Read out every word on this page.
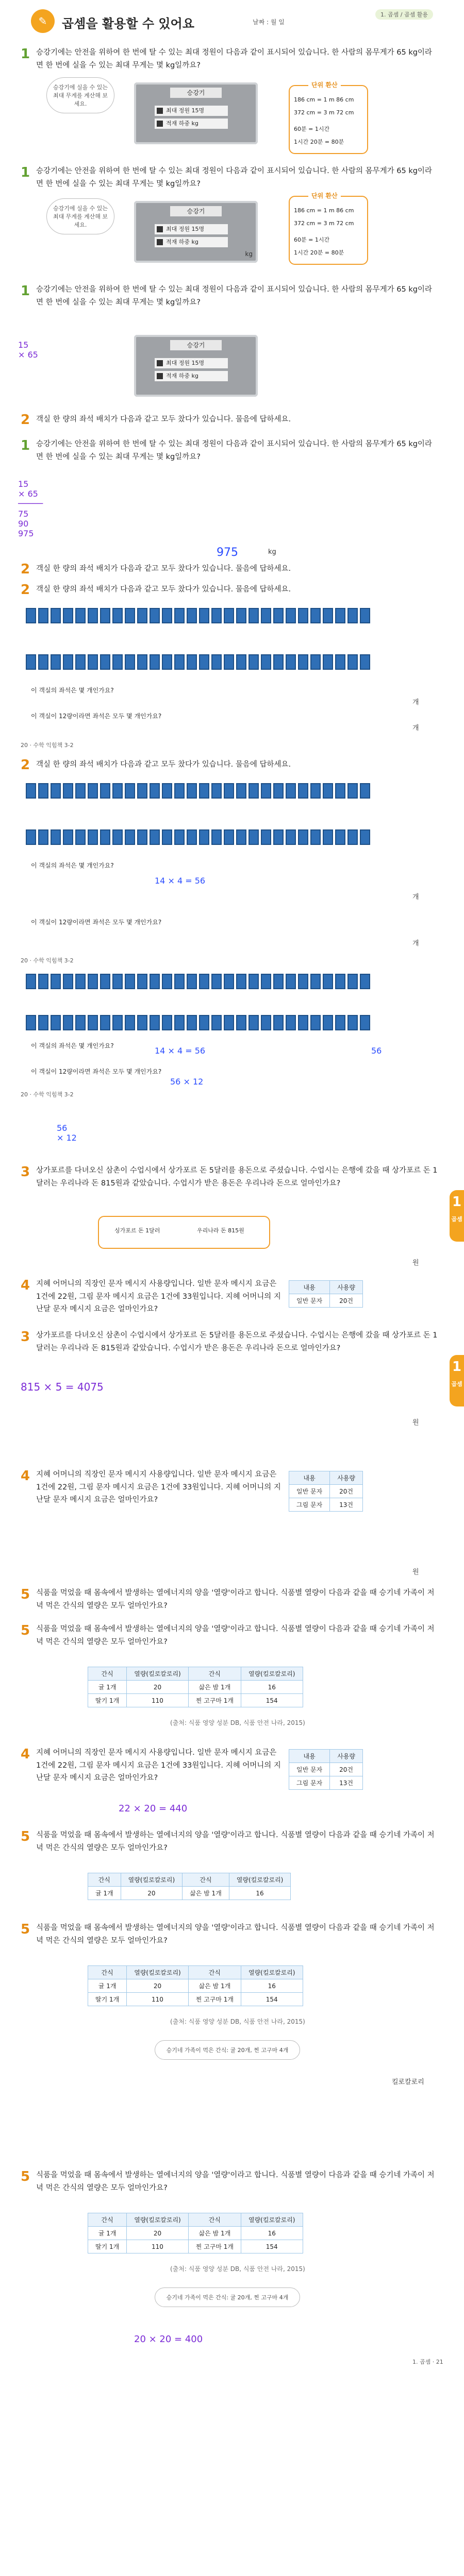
✎	곱셈을 활용할 수 있어요	날짜 : 월 일
1. 곱셈 / 곱셈 활용
1 승강기에는 안전을 위하여 한 번에 탈 수 있는 최대 정원이 다음과 같이 표시되어 있습니다. 한 사람의 몸무게가 65 kg이라면 한 번에 실을 수 있는 최대 무게는 몇 kg일까요?
승강기에 실을 수 있는 최대 무게를 계산해 보세요.
승강기
최대 정원 15명
적재 하중 kg
단위 환산
186 cm = 1 m 86 cm
372 cm = 3 m 72 cm
60분 = 1시간
1시간 20분 = 80분
1 승강기에는 안전을 위하여 한 번에 탈 수 있는 최대 정원이 다음과 같이 표시되어 있습니다. 한 사람의 몸무게가 65 kg이라면 한 번에 실을 수 있는 최대 무게는 몇 kg일까요?
승강기에 실을 수 있는 최대 무게를 계산해 보세요.
승강기
최대 정원 15명
적재 하중 kg
kg
단위 환산
186 cm = 1 m 86 cm
372 cm = 3 m 72 cm
60분 = 1시간
1시간 20분 = 80분
1 승강기에는 안전을 위하여 한 번에 탈 수 있는 최대 정원이 다음과 같이 표시되어 있습니다. 한 사람의 몸무게가 65 kg이라면 한 번에 실을 수 있는 최대 무게는 몇 kg일까요?
15
× 65
승강기
최대 정원 15명
적재 하중 kg
2 객실 한 량의 좌석 배치가 다음과 같고 모두 찼다가 있습니다. 물음에 답하세요.
1 승강기에는 안전을 위하여 한 번에 탈 수 있는 최대 정원이 다음과 같이 표시되어 있습니다. 한 사람의 몸무게가 65 kg이라면 한 번에 실을 수 있는 최대 무게는 몇 kg일까요?
15
× 65
─────
75
90
975
975	kg
2 객실 한 량의 좌석 배치가 다음과 같고 모두 찼다가 있습니다. 물음에 답하세요.
2 객실 한 량의 좌석 배치가 다음과 같고 모두 찼다가 있습니다. 물음에 답하세요.
이 객실의 좌석은 몇 개인가요?
개
이 객실이 12량이라면 좌석은 모두 몇 개인가요?
개
20 · 수학 익힘책 3-2
2 객실 한 량의 좌석 배치가 다음과 같고 모두 찼다가 있습니다. 물음에 답하세요.
이 객실의 좌석은 몇 개인가요?
14 × 4 = 56
개
이 객실이 12량이라면 좌석은 모두 몇 개인가요?
개
20 · 수학 익힘책 3-2
이 객실의 좌석은 몇 개인가요?	14 × 4 = 56	56
이 객실이 12량이라면 좌석은 모두 몇 개인가요?
56 × 12
20 · 수학 익힘책 3-2
56
× 12
3 상가포르를 다녀오신 삼촌이 수업시에서 상가포르 돈 5달러를 용돈으로 주셨습니다. 수업시는 은행에 갔을 때 상가포르 돈 1달러는 우리나라 돈 815원과 같았습니다. 수업시가 받은 용돈은 우리나라 돈으로 얼마인가요?
싱가포르 돈 1달러	우리나라 돈 815원
원
1
곱셈
4 지혜 어머니의 직장인 문자 메시지 사용량입니다. 일반 문자 메시지 요금은 1건에 22원, 그림 문자 메시지 요금은 1건에 33원입니다. 지혜 어머니의 지난달 문자 메시지 요금은 얼마인가요?
내용	사용량
일반 문자	20건
3 상가포르를 다녀오신 삼촌이 수업시에서 상가포르 돈 5달러를 용돈으로 주셨습니다. 수업시는 은행에 갔을 때 상가포르 돈 1달러는 우리나라 돈 815원과 같았습니다. 수업시가 받은 용돈은 우리나라 돈으로 얼마인가요?
815 × 5 = 4075
원
1
곱셈
4 지혜 어머니의 직장인 문자 메시지 사용량입니다. 일반 문자 메시지 요금은 1건에 22원, 그림 문자 메시지 요금은 1건에 33원입니다. 지혜 어머니의 지난달 문자 메시지 요금은 얼마인가요?
내용	사용량
일반 문자	20건
그림 문자	13건
원
5 식품을 먹었을 때 몸속에서 발생하는 열에너지의 양을 '열량'이라고 합니다. 식품별 열량이 다음과 같을 때 승기네 가족이 저녁 먹은 간식의 열량은 모두 얼마인가요?
5 식품을 먹었을 때 몸속에서 발생하는 열에너지의 양을 '열량'이라고 합니다. 식품별 열량이 다음과 같을 때 승기네 가족이 저녁 먹은 간식의 열량은 모두 얼마인가요?
간식	열량(킬로칼로리)	간식	열량(킬로칼로리)
귤 1개	20	삶은 밤 1개	16
딸기 1개	110	찐 고구마 1개	154
(출처: 식품 영양 성분 DB, 식품 안전 나라, 2015)
4 지혜 어머니의 직장인 문자 메시지 사용량입니다. 일반 문자 메시지 요금은 1건에 22원, 그림 문자 메시지 요금은 1건에 33원입니다. 지혜 어머니의 지난달 문자 메시지 요금은 얼마인가요?
내용	사용량
일반 문자	20건
그림 문자	13건
22 × 20 = 440
5 식품을 먹었을 때 몸속에서 발생하는 열에너지의 양을 '열량'이라고 합니다. 식품별 열량이 다음과 같을 때 승기네 가족이 저녁 먹은 간식의 열량은 모두 얼마인가요?
간식	열량(킬로칼로리)	간식	열량(킬로칼로리)
귤 1개	20	삶은 밤 1개	16
5 식품을 먹었을 때 몸속에서 발생하는 열에너지의 양을 '열량'이라고 합니다. 식품별 열량이 다음과 같을 때 승기네 가족이 저녁 먹은 간식의 열량은 모두 얼마인가요?
간식	열량(킬로칼로리)	간식	열량(킬로칼로리)
귤 1개	20	삶은 밤 1개	16
딸기 1개	110	찐 고구마 1개	154
(출처: 식품 영양 성분 DB, 식품 안전 나라, 2015)
승기네 가족이 먹은 간식: 귤 20개, 찐 고구마 4개
킬로칼로리
5 식품을 먹었을 때 몸속에서 발생하는 열에너지의 양을 '열량'이라고 합니다. 식품별 열량이 다음과 같을 때 승기네 가족이 저녁 먹은 간식의 열량은 모두 얼마인가요?
간식	열량(킬로칼로리)	간식	열량(킬로칼로리)
귤 1개	20	삶은 밤 1개	16
딸기 1개	110	찐 고구마 1개	154
(출처: 식품 영양 성분 DB, 식품 안전 나라, 2015)
승기네 가족이 먹은 간식: 귤 20개, 찐 고구마 4개
20 × 20 = 400
1. 곱셈 · 21
